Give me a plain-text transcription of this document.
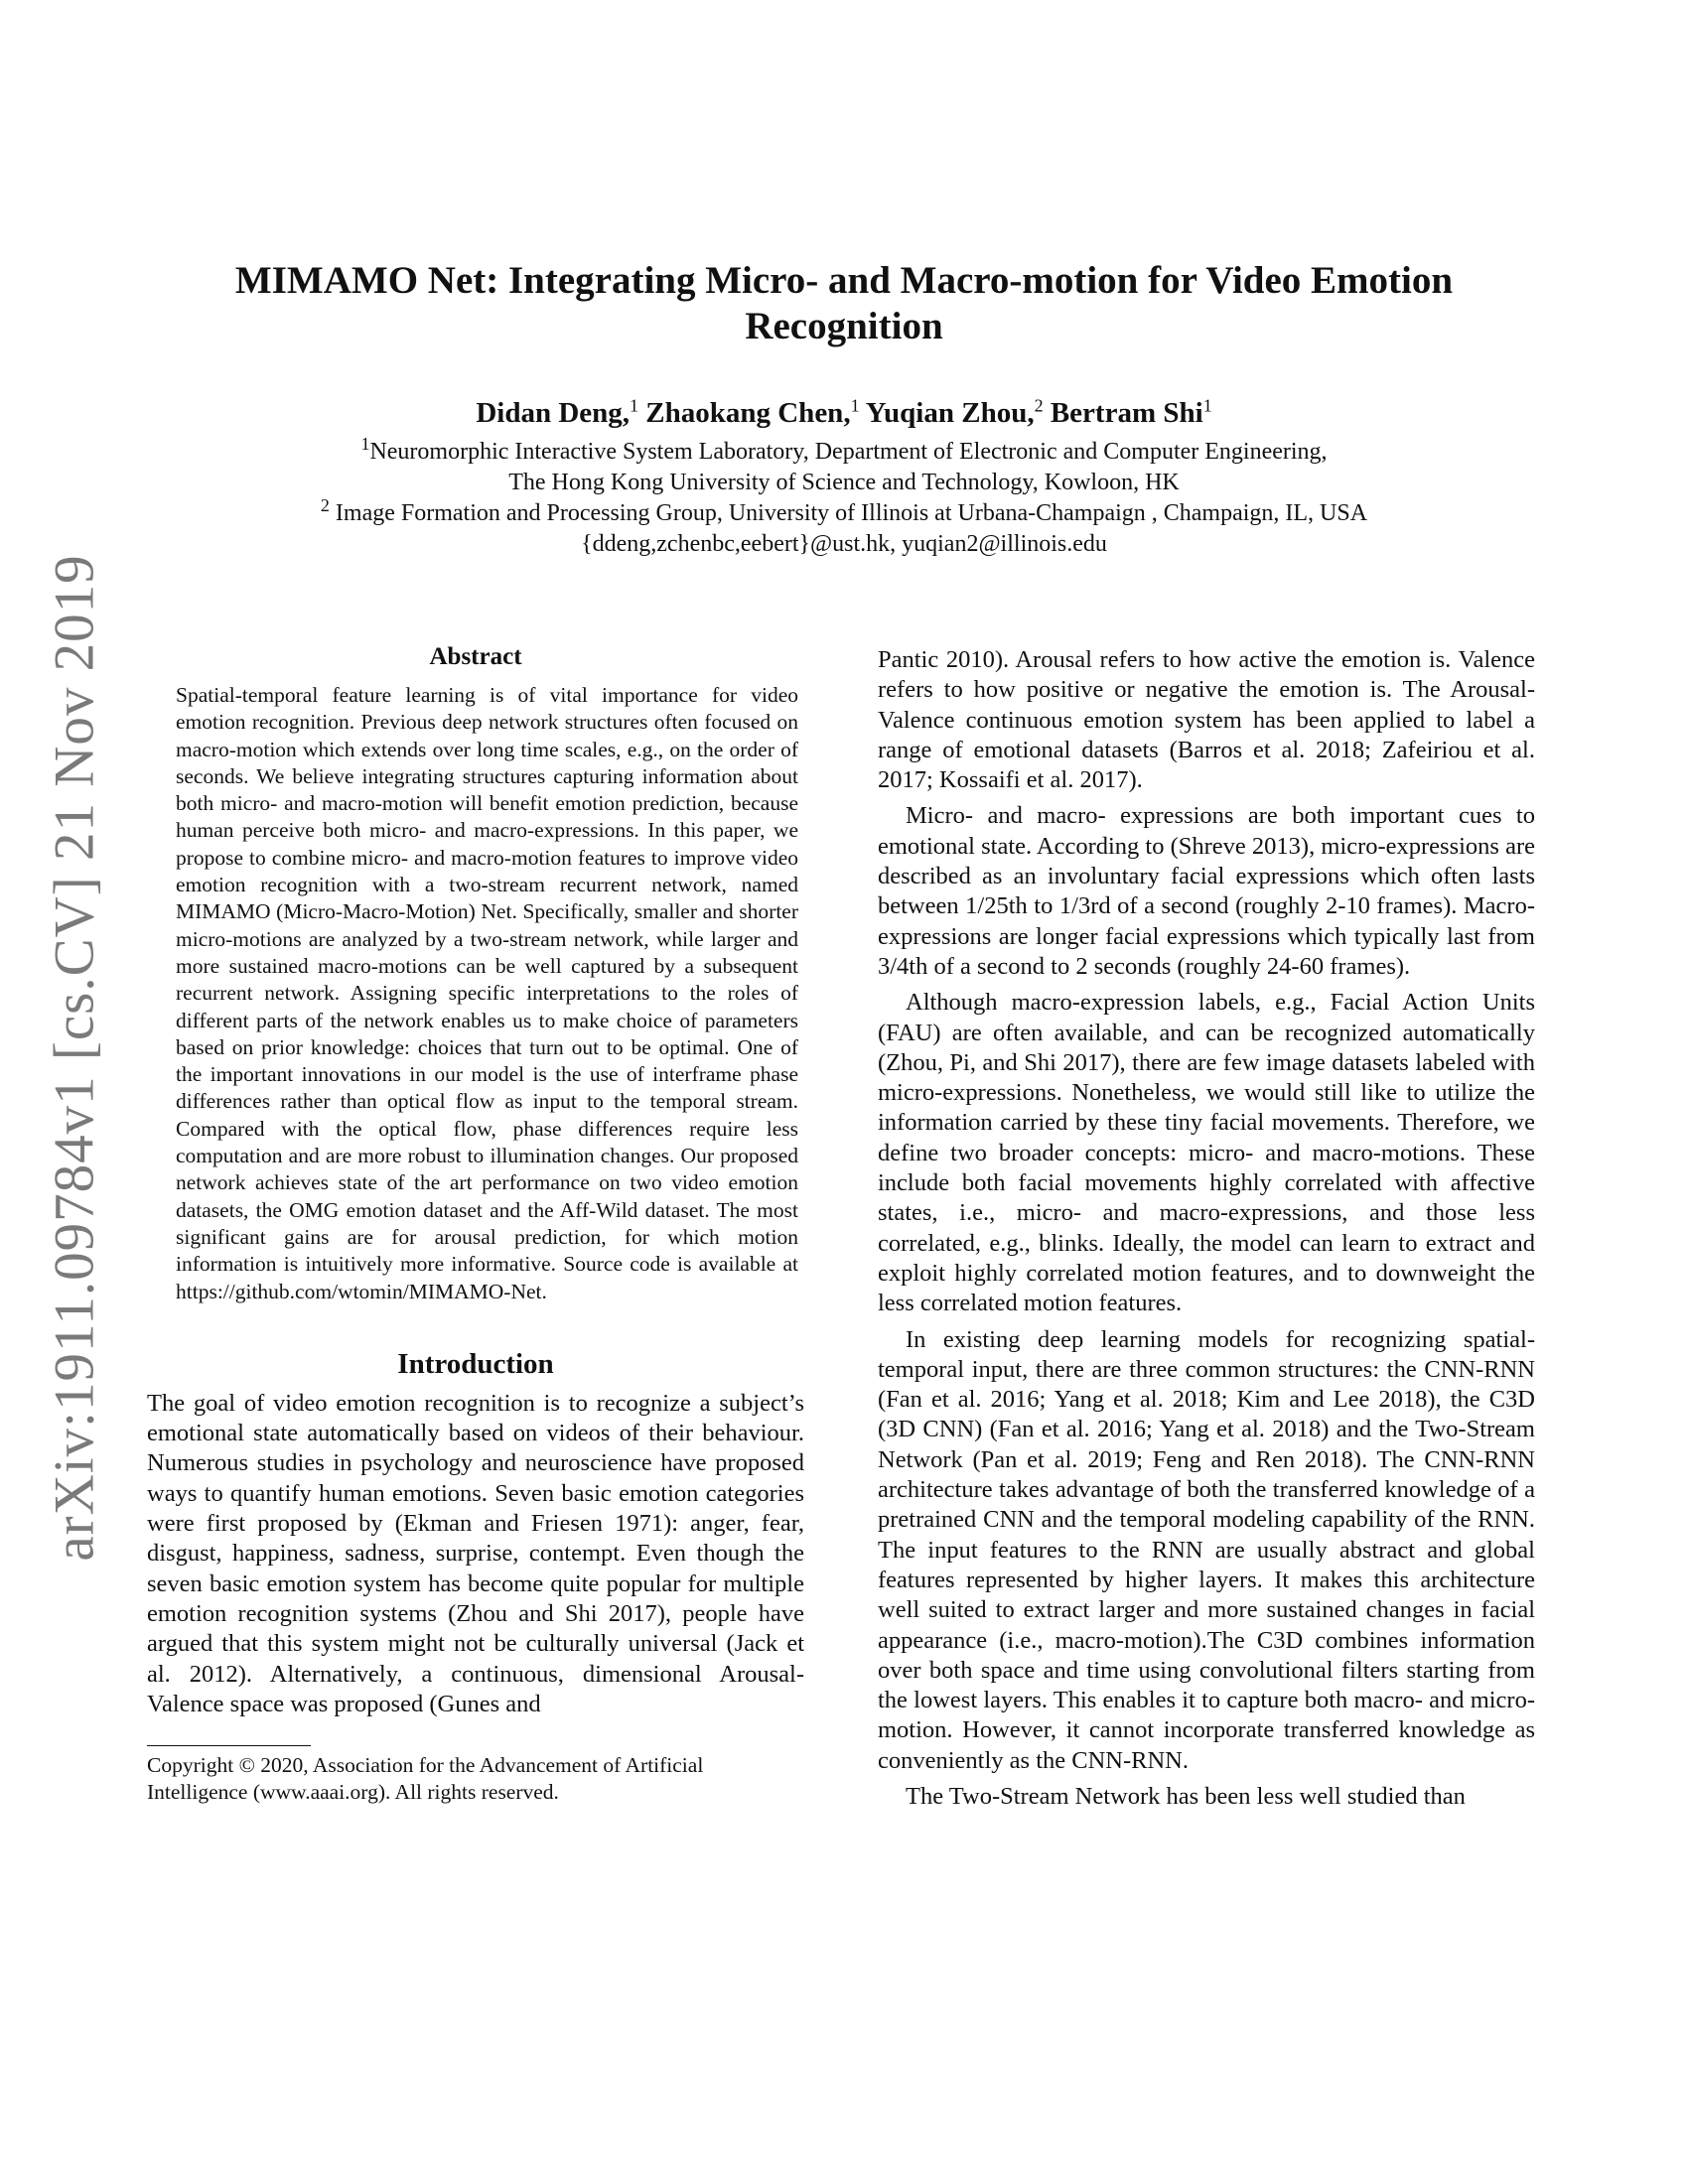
arXiv:1911.09784v1 [cs.CV] 21 Nov 2019
MIMAMO Net: Integrating Micro- and Macro-motion for Video Emotion Recognition
Didan Deng,$^1$ Zhaokang Chen,$^1$ Yuqian Zhou,$^2$ Bertram Shi$^1$
$^1$Neuromorphic Interactive System Laboratory, Department of Electronic and Computer Engineering,
The Hong Kong University of Science and Technology, Kowloon, HK
$^2$ Image Formation and Processing Group, University of Illinois at Urbana-Champaign , Champaign, IL, USA
{ddeng,zchenbc,eebert}@ust.hk, yuqian2@illinois.edu
Abstract
Spatial-temporal feature learning is of vital importance for video emotion recognition. Previous deep network structures often focused on macro-motion which extends over long time scales, e.g., on the order of seconds. We believe integrating structures capturing information about both micro- and macro-motion will benefit emotion prediction, because human perceive both micro- and macro-expressions. In this paper, we propose to combine micro- and macro-motion features to improve video emotion recognition with a two-stream recurrent network, named MIMAMO (Micro-Macro-Motion) Net. Specifically, smaller and shorter micro-motions are analyzed by a two-stream network, while larger and more sustained macro-motions can be well captured by a subsequent recurrent network. Assigning specific interpretations to the roles of different parts of the network enables us to make choice of parameters based on prior knowledge: choices that turn out to be optimal. One of the important innovations in our model is the use of interframe phase differences rather than optical flow as input to the temporal stream. Compared with the optical flow, phase differences require less computation and are more robust to illumination changes. Our proposed network achieves state of the art performance on two video emotion datasets, the OMG emotion dataset and the Aff-Wild dataset. The most significant gains are for arousal prediction, for which motion information is intuitively more informative. Source code is available at https://github.com/wtomin/MIMAMO-Net.
Introduction

The goal of video emotion recognition is to recognize a subject’s emotional state automatically based on videos of their behaviour. Numerous studies in psychology and neuroscience have proposed ways to quantify human emotions. Seven basic emotion categories were first proposed by (Ekman and Friesen 1971): anger, fear, disgust, happiness, sadness, surprise, contempt. Even though the seven basic emotion system has become quite popular for multiple emotion recognition systems (Zhou and Shi 2017), people have argued that this system might not be culturally universal (Jack et al. 2012). Alternatively, a continuous, dimensional Arousal-Valence space was proposed (Gunes and

Copyright © 2020, Association for the Advancement of Artificial Intelligence (www.aaai.org). All rights reserved.

Pantic 2010). Arousal refers to how active the emotion is. Valence refers to how positive or negative the emotion is. The Arousal-Valence continuous emotion system has been applied to label a range of emotional datasets (Barros et al. 2018; Zafeiriou et al. 2017; Kossaifi et al. 2017).

Micro- and macro- expressions are both important cues to emotional state. According to (Shreve 2013), micro-expressions are described as an involuntary facial expressions which often lasts between 1/25th to 1/3rd of a second (roughly 2-10 frames). Macro-expressions are longer facial expressions which typically last from 3/4th of a second to 2 seconds (roughly 24-60 frames).

Although macro-expression labels, e.g., Facial Action Units (FAU) are often available, and can be recognized automatically (Zhou, Pi, and Shi 2017), there are few image datasets labeled with micro-expressions. Nonetheless, we would still like to utilize the information carried by these tiny facial movements. Therefore, we define two broader concepts: micro- and macro-motions. These include both facial movements highly correlated with affective states, i.e., micro- and macro-expressions, and those less correlated, e.g., blinks. Ideally, the model can learn to extract and exploit highly correlated motion features, and to downweight the less correlated motion features.

In existing deep learning models for recognizing spatial-temporal input, there are three common structures: the CNN-RNN (Fan et al. 2016; Yang et al. 2018; Kim and Lee 2018), the C3D (3D CNN) (Fan et al. 2016; Yang et al. 2018) and the Two-Stream Network (Pan et al. 2019; Feng and Ren 2018). The CNN-RNN architecture takes advantage of both the transferred knowledge of a pretrained CNN and the temporal modeling capability of the RNN. The input features to the RNN are usually abstract and global features represented by higher layers. It makes this architecture well suited to extract larger and more sustained changes in facial appearance (i.e., macro-motion).The C3D combines information over both space and time using convolutional filters starting from the lowest layers. This enables it to capture both macro- and micro-motion. However, it cannot incorporate transferred knowledge as conveniently as the CNN-RNN.

The Two-Stream Network has been less well studied than
